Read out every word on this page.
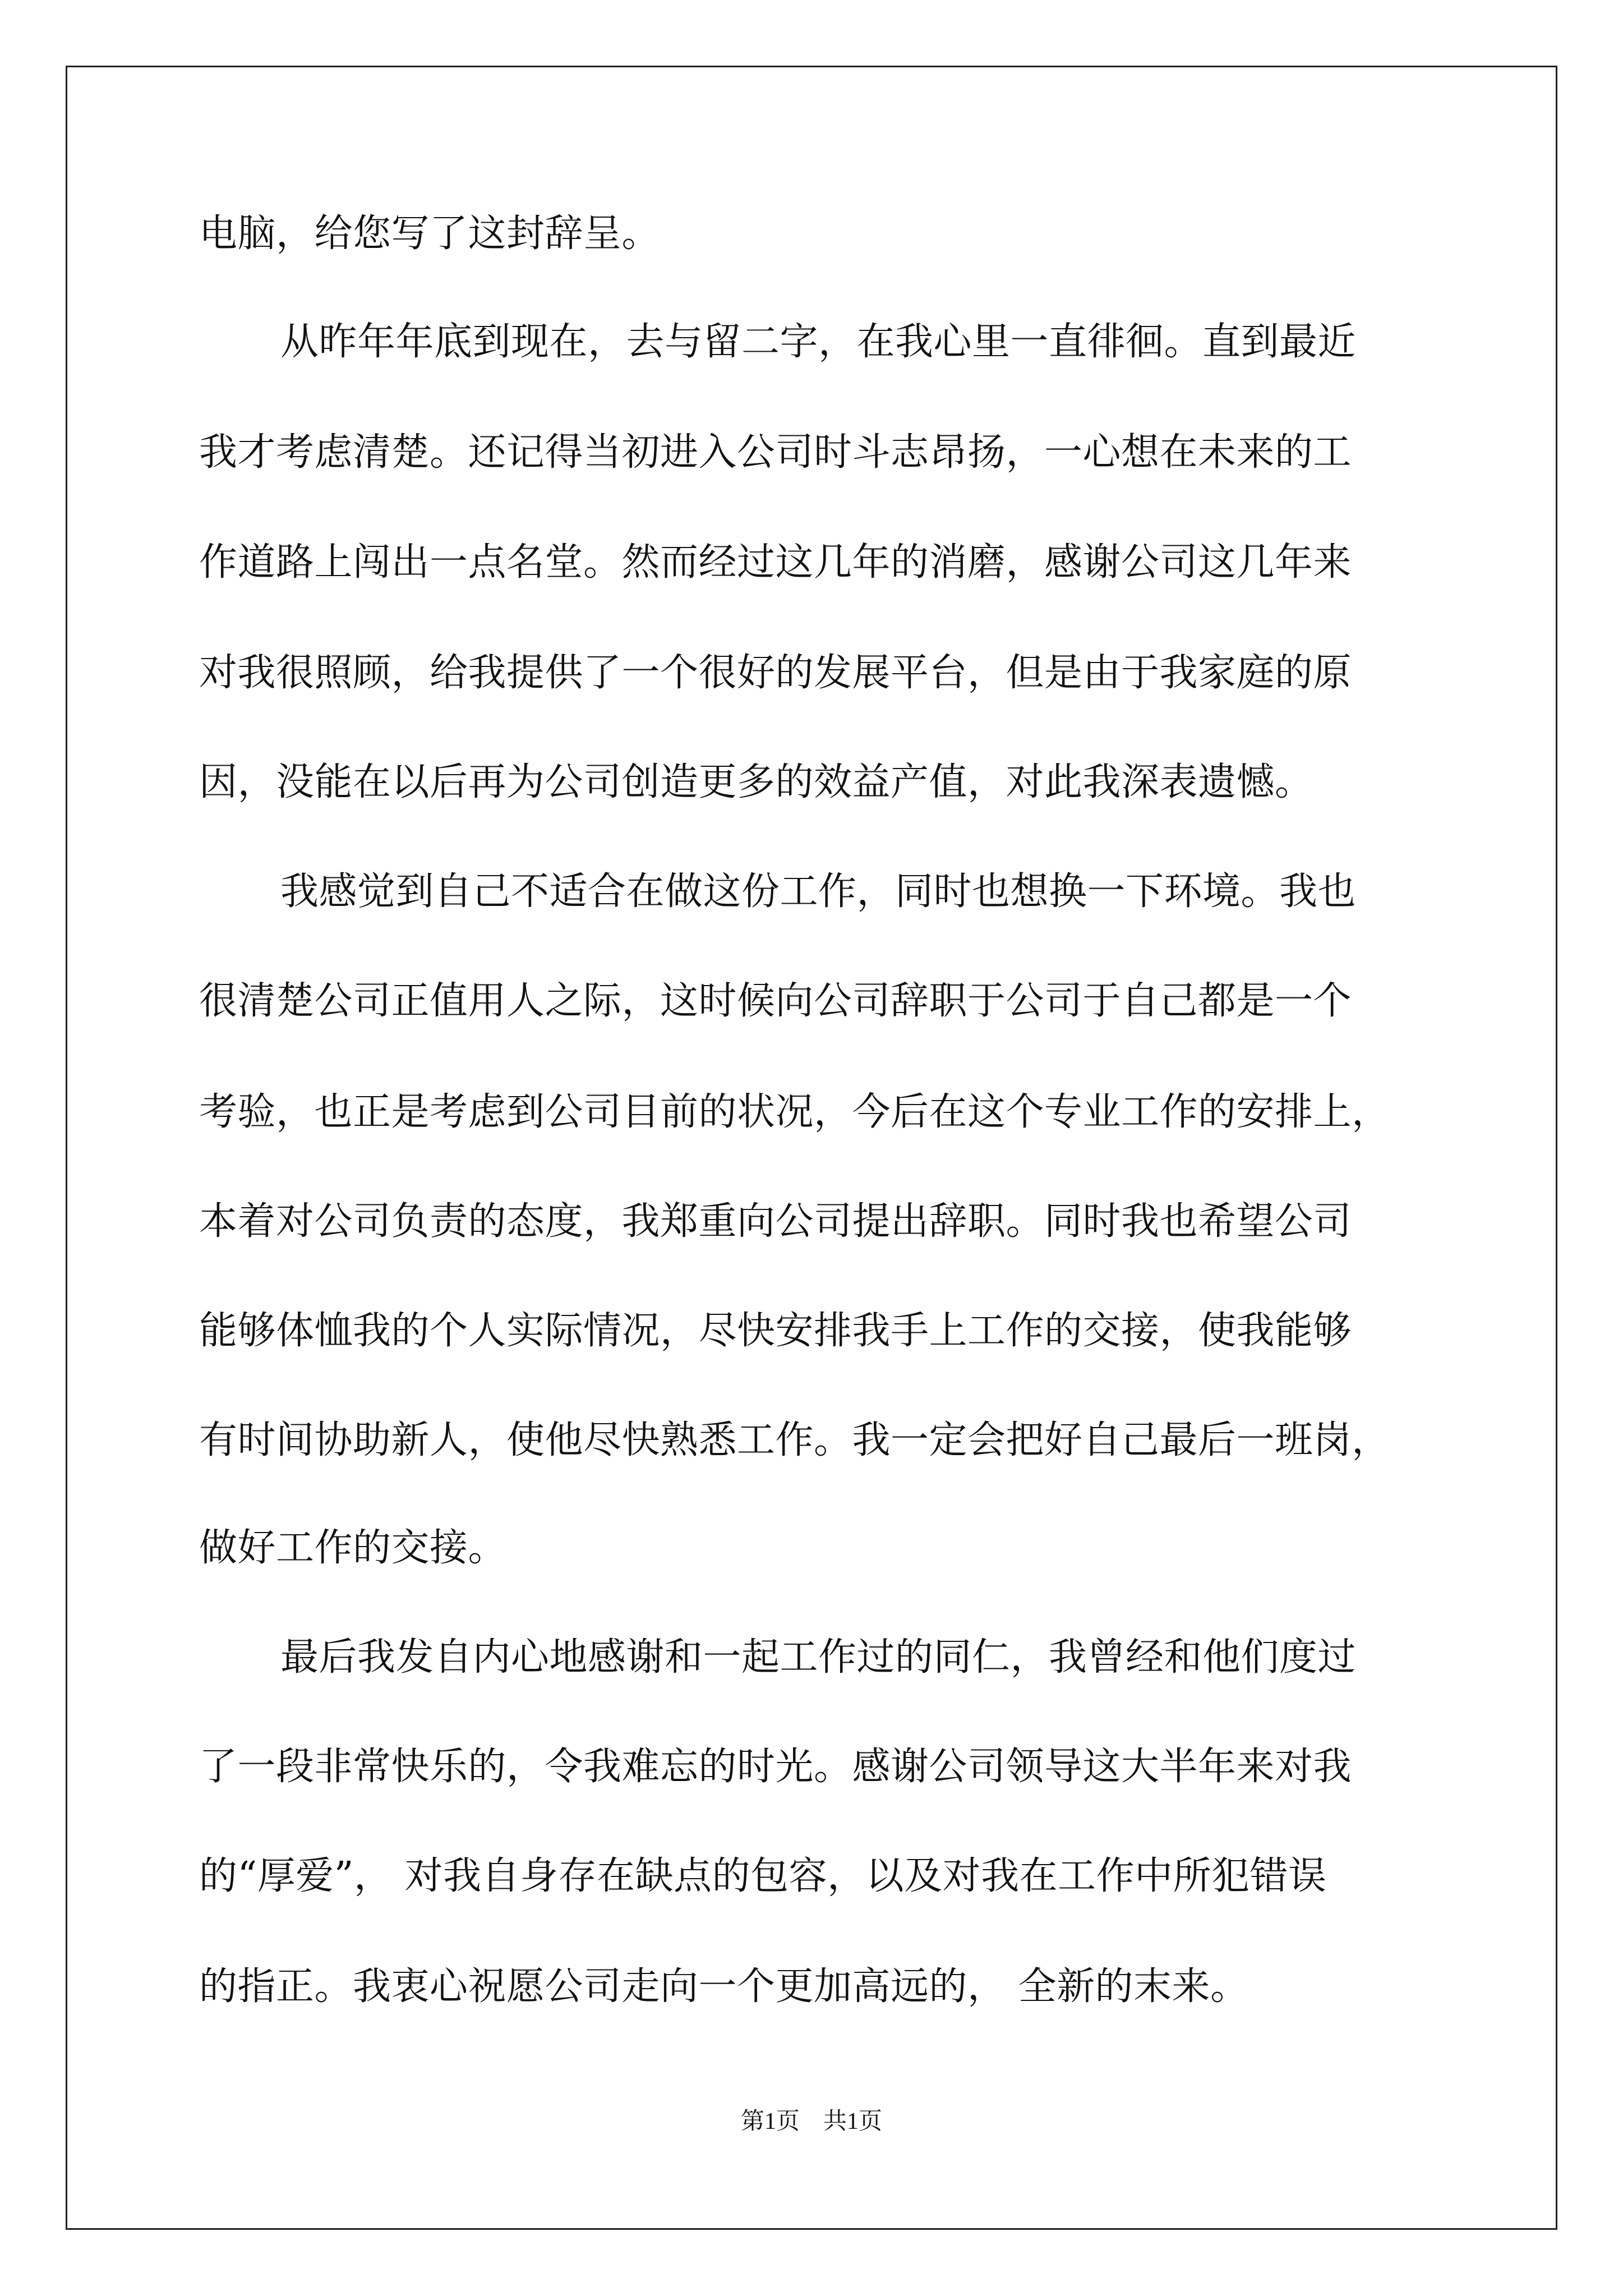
电脑，给您写了这封辞呈。
从昨年年底到现在，去与留二字，在我心里一直徘徊。直到最近
我才考虑清楚。还记得当初进入公司时斗志昂扬，一心想在未来的工
作道路上闯出一点名堂。然而经过这几年的消磨，感谢公司这几年来
对我很照顾，给我提供了一个很好的发展平台，但是由于我家庭的原
因，没能在以后再为公司创造更多的效益产值，对此我深表遗憾。
我感觉到自己不适合在做这份工作，同时也想换一下环境。我也
很清楚公司正值用人之际，这时候向公司辞职于公司于自己都是一个
考验，也正是考虑到公司目前的状况，今后在这个专业工作的安排上，
本着对公司负责的态度，我郑重向公司提出辞职。同时我也希望公司
能够体恤我的个人实际情况，尽快安排我手上工作的交接，使我能够
有时间协助新人，使他尽快熟悉工作。我一定会把好自己最后一班岗，
做好工作的交接。
最后我发自内心地感谢和一起工作过的同仁，我曾经和他们度过
了一段非常快乐的，令我难忘的时光。感谢公司领导这大半年来对我
的“厚爱”， 对我自身存在缺点的包容，以及对我在工作中所犯错误
的指正。我衷心祝愿公司走向一个更加高远的， 全新的末来。
第1页　共1页
